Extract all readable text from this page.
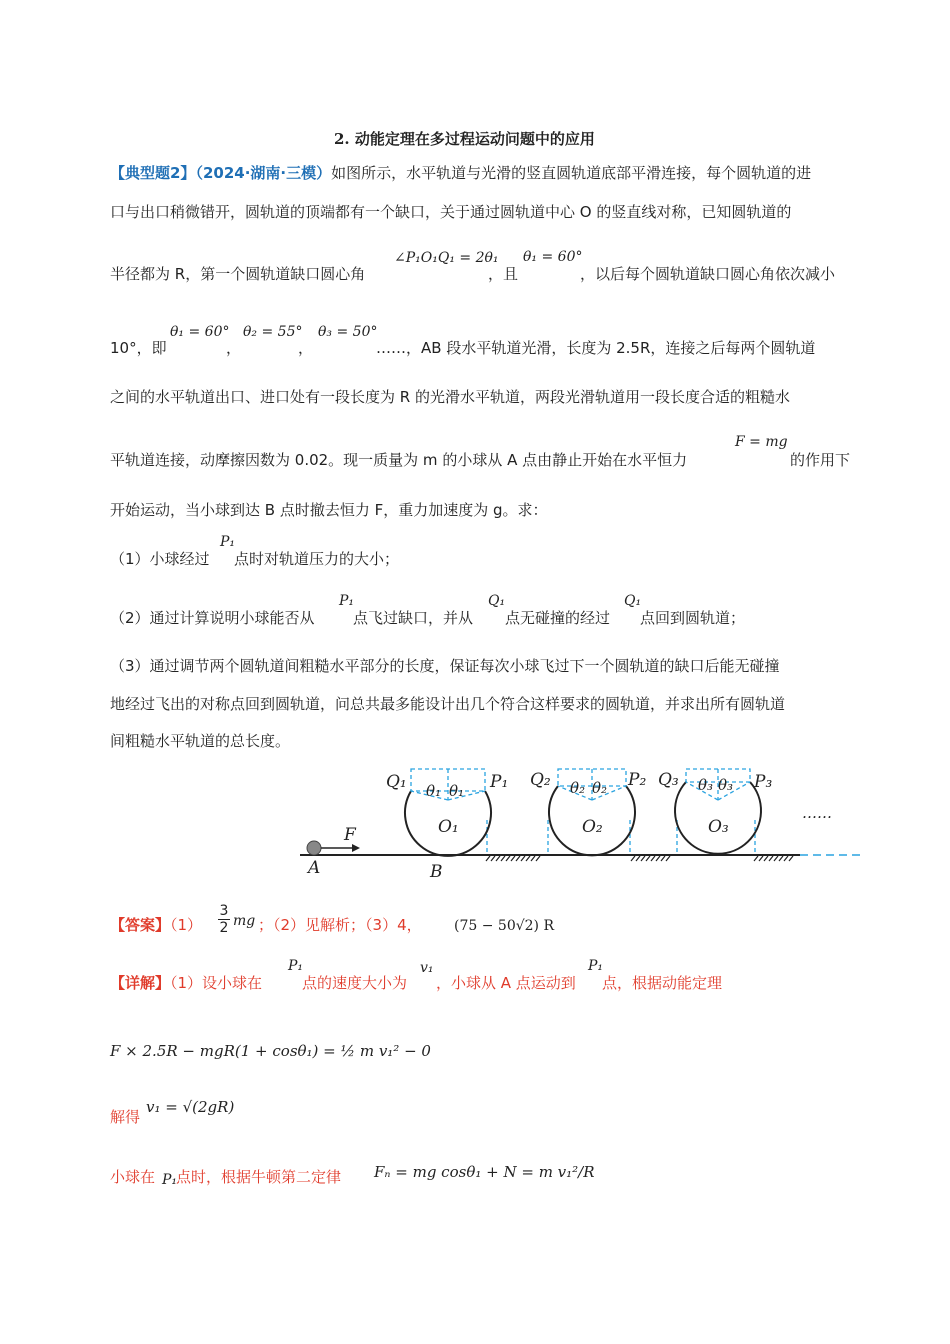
2. 动能定理在多过程运动问题中的应用
【典型题2】（2024·湖南·三模）如图所示，水平轨道与光滑的竖直圆轨道底部平滑连接，每个圆轨道的进
口与出口稍微错开，圆轨道的顶端都有一个缺口，关于通过圆轨道中心 O 的竖直线对称，已知圆轨道的
半径都为 R，第一个圆轨道缺口圆心角
∠P₁O₁Q₁ = 2θ₁
，且
θ₁ = 60°
，以后每个圆轨道缺口圆心角依次减小
10°，即
θ₁ = 60°
，
θ₂ = 55°
，
θ₃ = 50°
……，AB 段水平轨道光滑，长度为 2.5R，连接之后每两个圆轨道
之间的水平轨道出口、进口处有一段长度为 R 的光滑水平轨道，两段光滑轨道用一段长度合适的粗糙水
平轨道连接，动摩擦因数为 0.02。现一质量为 m 的小球从 A 点由静止开始在水平恒力
F = mg
的作用下
开始运动，当小球到达 B 点时撤去恒力 F，重力加速度为 g。求：
（1）小球经过
P₁
点时对轨道压力的大小；
（2）通过计算说明小球能否从
P₁
点飞过缺口，并从
Q₁
点无碰撞的经过
Q₁
点回到圆轨道；
（3）通过调节两个圆轨道间粗糙水平部分的长度，保证每次小球飞过下一个圆轨道的缺口后能无碰撞
地经过飞出的对称点回到圆轨道，问总共最多能设计出几个符合这样要求的圆轨道，并求出所有圆轨道
间粗糙水平轨道的总长度。
Q₁	P₁ Q₂	P₂ Q₃	P₃
O₁	O₂	O₃
θ₁ θ₁	θ₂ θ₂	θ₃ θ₃
A	B
F
……
【答案】$(1) \frac{3}{2}$ mg ；（2）见解析；（3）4， (75 − 50√2) R
【详解】（1）设小球在
P₁
点的速度大小为
v₁
，小球从 A 点运动到
P₁
点，根据动能定理
F × 2.5R − mgR(1 + cosθ₁) = ½ m v₁² − 0
解得
v₁ = √(2gR)
小球在 P₁
点时，根据牛顿第二定律 Fₙ = mg cosθ₁ + N = m v₁²/R
